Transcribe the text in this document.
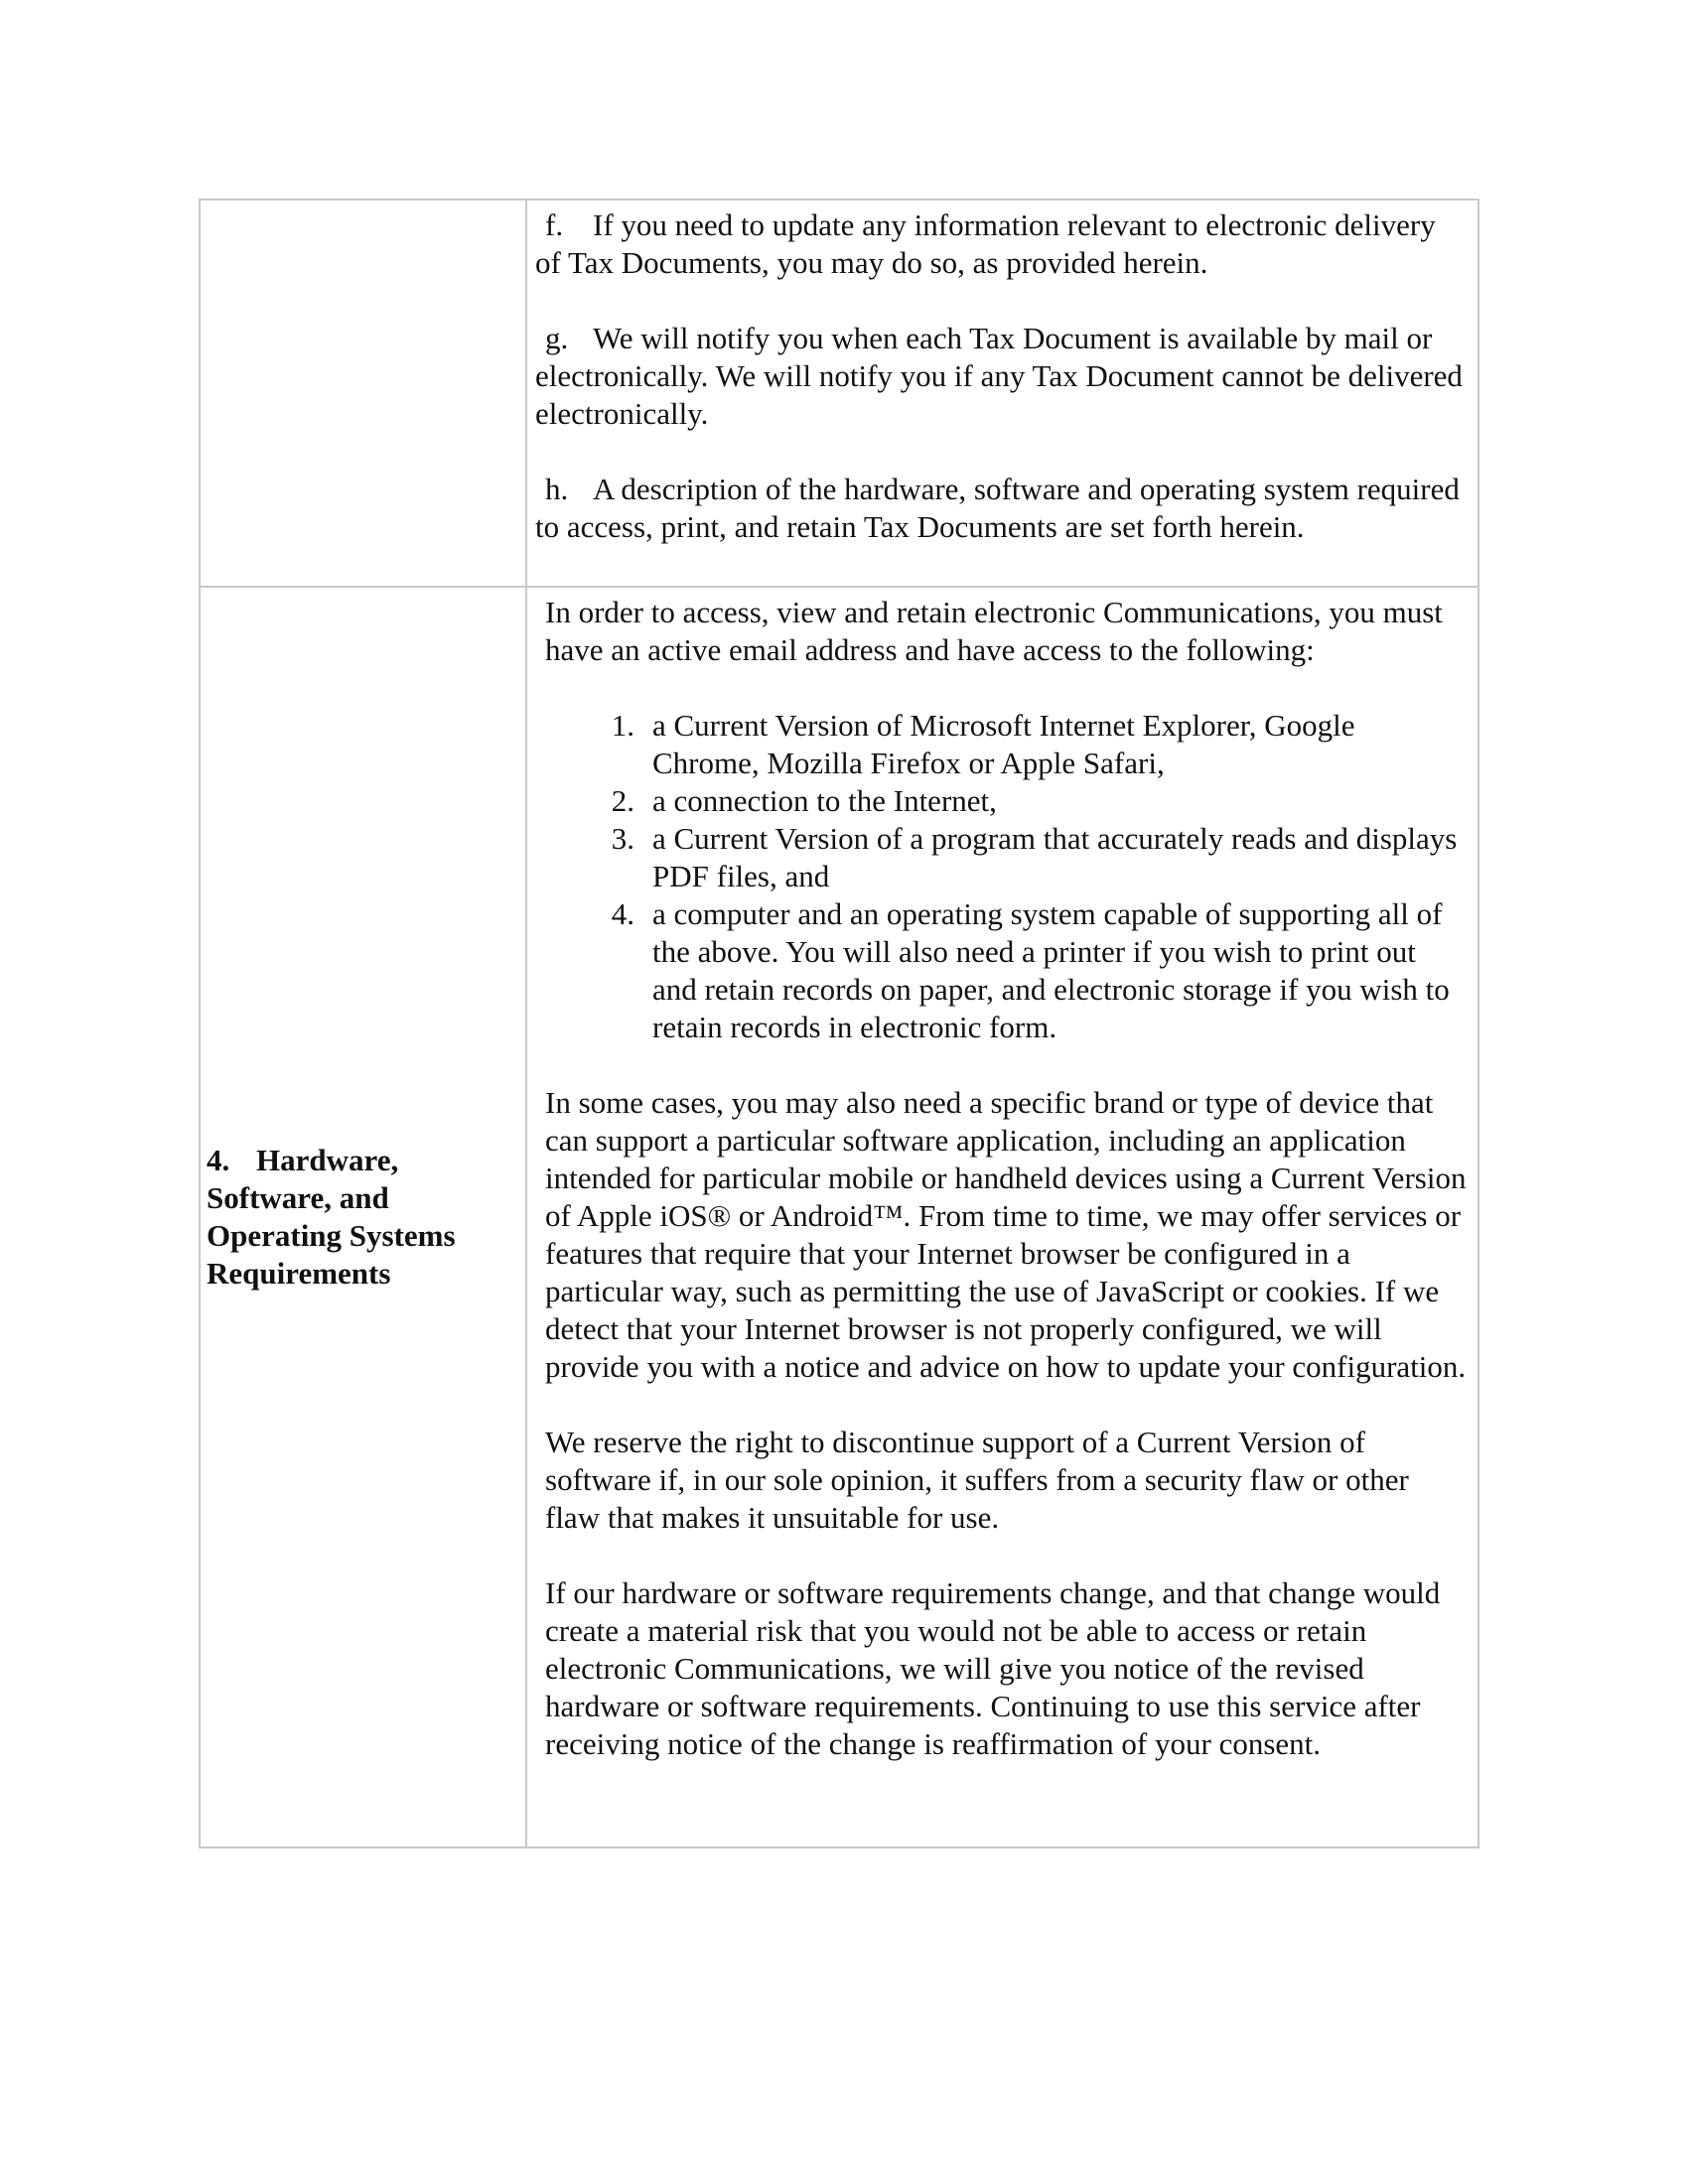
f. If you need to update any information relevant to electronic delivery of Tax Documents, you may do so, as provided herein.

g. We will notify you when each Tax Document is available by mail or electronically. We will notify you if any Tax Document cannot be delivered electronically.

h. A description of the hardware, software and operating system required to access, print, and retain Tax Documents are set forth herein.

4. Hardware, Software, and Operating Systems Requirements

In order to access, view and retain electronic Communications, you must have an active email address and have access to the following:

1. a Current Version of Microsoft Internet Explorer, Google Chrome, Mozilla Firefox or Apple Safari,
2. a connection to the Internet,
3. a Current Version of a program that accurately reads and displays PDF files, and
4. a computer and an operating system capable of supporting all of the above. You will also need a printer if you wish to print out and retain records on paper, and electronic storage if you wish to retain records in electronic form.

In some cases, you may also need a specific brand or type of device that can support a particular software application, including an application intended for particular mobile or handheld devices using a Current Version of Apple iOS® or Android™. From time to time, we may offer services or features that require that your Internet browser be configured in a particular way, such as permitting the use of JavaScript or cookies. If we detect that your Internet browser is not properly configured, we will provide you with a notice and advice on how to update your configuration.

We reserve the right to discontinue support of a Current Version of software if, in our sole opinion, it suffers from a security flaw or other flaw that makes it unsuitable for use.

If our hardware or software requirements change, and that change would create a material risk that you would not be able to access or retain electronic Communications, we will give you notice of the revised hardware or software requirements. Continuing to use this service after receiving notice of the change is reaffirmation of your consent.
